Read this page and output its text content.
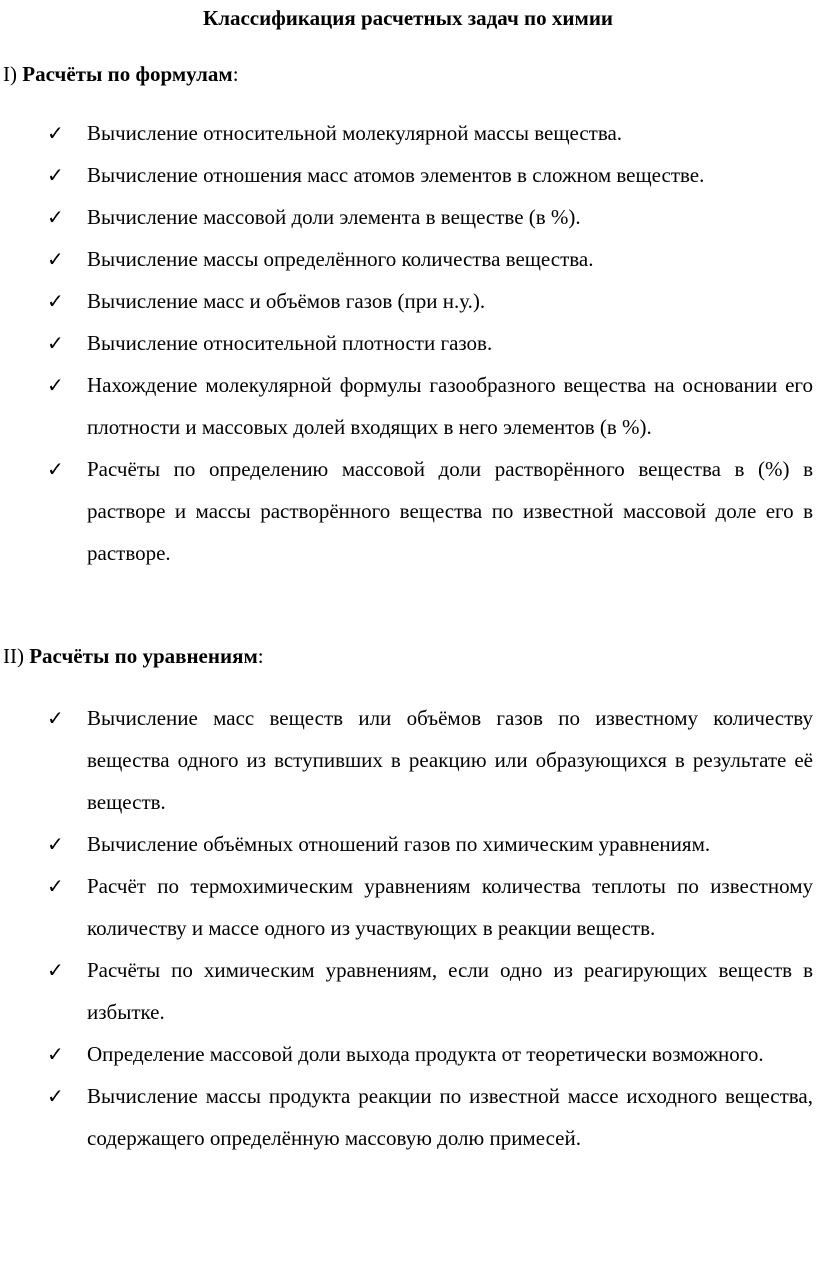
Классификация расчетных задач по химии
I) Расчёты по формулам:
✓ Вычисление относительной молекулярной массы вещества.
✓ Вычисление отношения масс атомов элементов в сложном веществе.
✓ Вычисление массовой доли элемента в веществе (в %).
✓ Вычисление массы определённого количества вещества.
✓ Вычисление масс и объёмов газов (при н.у.).
✓ Вычисление относительной плотности газов.
✓ Нахождение молекулярной формулы газообразного вещества на основании его плотности и массовых долей входящих в него элементов (в %).
✓ Расчёты по определению массовой доли растворённого вещества в (%) в растворе и массы растворённого вещества по известной массовой доле его в растворе.
II) Расчёты по уравнениям:
✓ Вычисление масс веществ или объёмов газов по известному количеству вещества одного из вступивших в реакцию или образующихся в результате её веществ.
✓ Вычисление объёмных отношений газов по химическим уравнениям.
✓ Расчёт по термохимическим уравнениям количества теплоты по известному количеству и массе одного из участвующих в реакции веществ.
✓ Расчёты по химическим уравнениям, если одно из реагирующих веществ в избытке.
✓ Определение массовой доли выхода продукта от теоретически возможного.
✓ Вычисление массы продукта реакции по известной массе исходного вещества, содержащего определённую массовую долю примесей.
